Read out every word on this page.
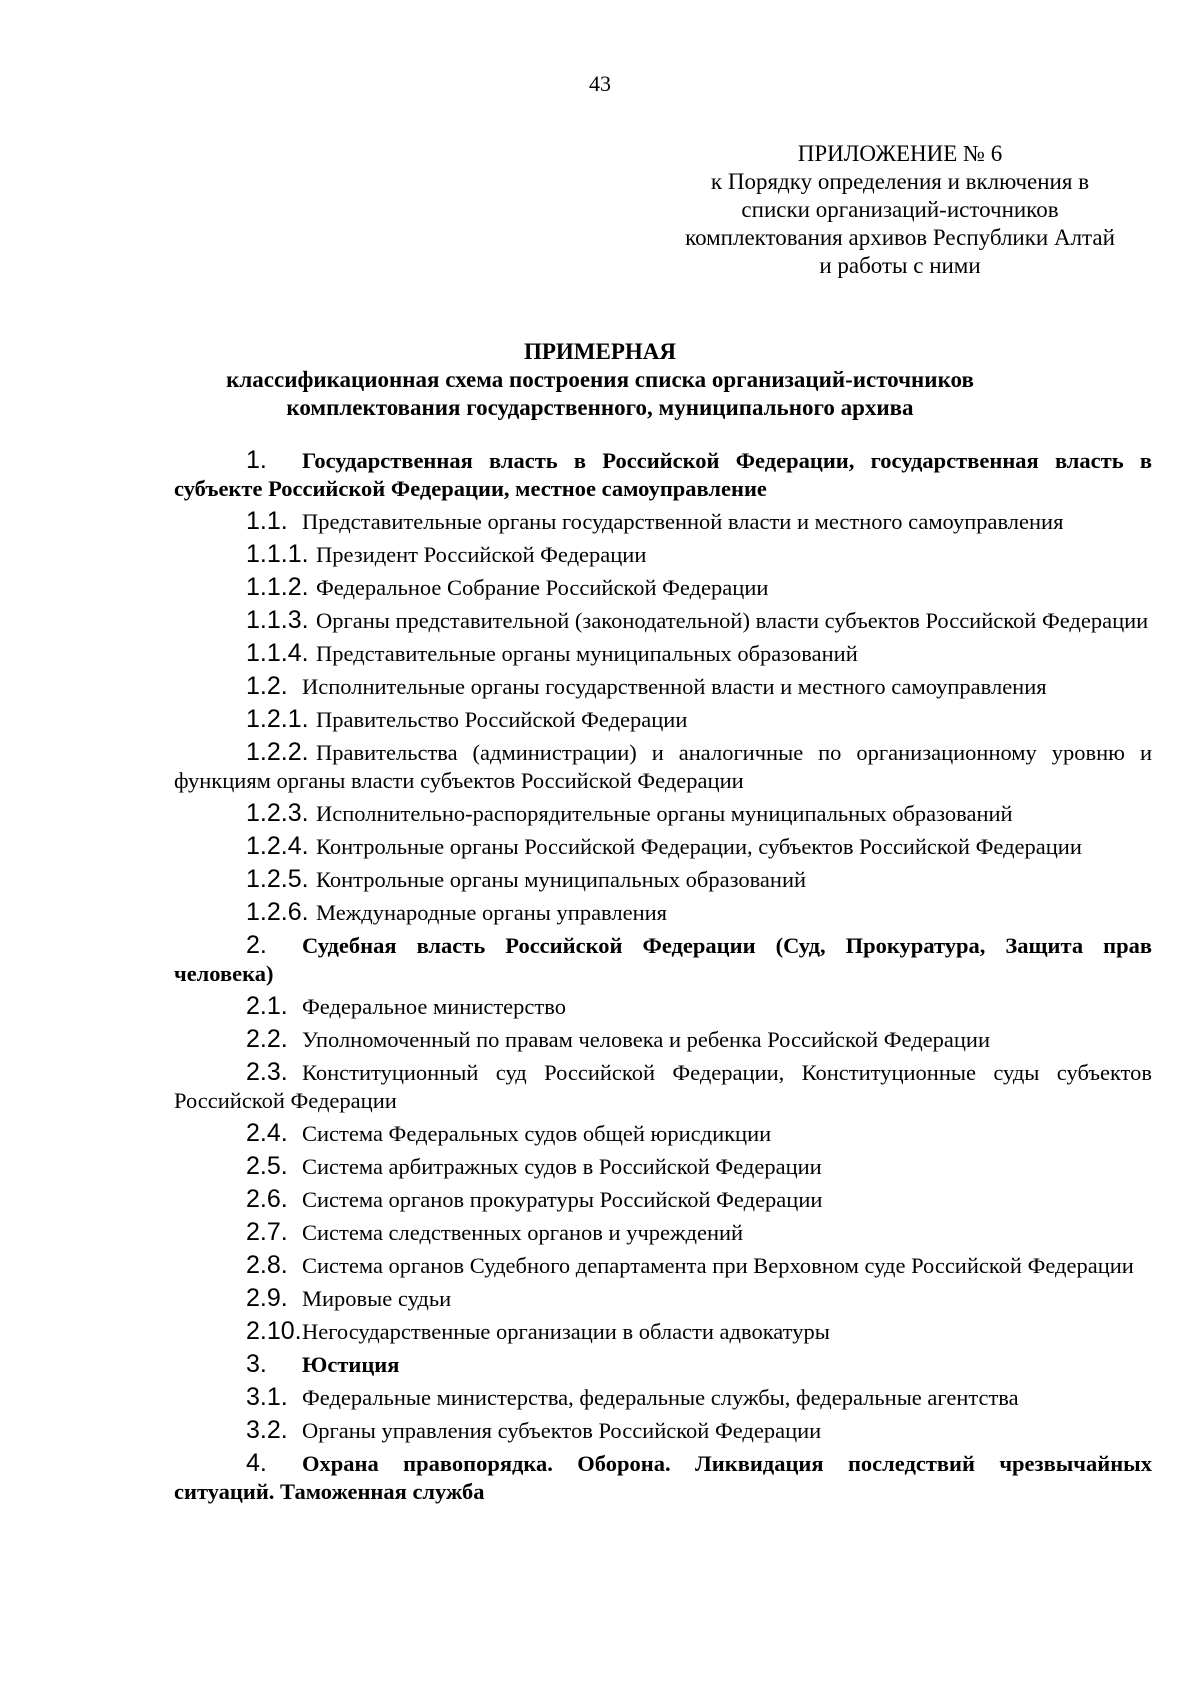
43
ПРИЛОЖЕНИЕ № 6
к Порядку определения и включения в
списки организаций-источников
комплектования архивов Республики Алтай
и работы с ними
ПРИМЕРНАЯ
классификационная схема построения списка организаций-источников
комплектования государственного, муниципального архива
1. Государственная власть в Российской Федерации, государственная власть в субъекте Российской Федерации, местное самоуправление
1.1. Представительные органы государственной власти и местного самоуправления
1.1.1. Президент Российской Федерации
1.1.2. Федеральное Собрание Российской Федерации
1.1.3. Органы представительной (законодательной) власти субъектов Российской Федерации
1.1.4. Представительные органы муниципальных образований
1.2. Исполнительные органы государственной власти и местного самоуправления
1.2.1. Правительство Российской Федерации
1.2.2. Правительства (администрации) и аналогичные по организационному уровню и функциям органы власти субъектов Российской Федерации
1.2.3. Исполнительно-распорядительные органы муниципальных образований
1.2.4. Контрольные органы Российской Федерации, субъектов Российской Федерации
1.2.5. Контрольные органы муниципальных образований
1.2.6. Международные органы управления
2. Судебная власть Российской Федерации (Суд, Прокуратура, Защита прав человека)
2.1. Федеральное министерство
2.2. Уполномоченный по правам человека и ребенка Российской Федерации
2.3. Конституционный суд Российской Федерации, Конституционные суды субъектов Российской Федерации
2.4. Система Федеральных судов общей юрисдикции
2.5. Система арбитражных судов в Российской Федерации
2.6. Система органов прокуратуры Российской Федерации
2.7. Система следственных органов и учреждений
2.8. Система органов Судебного департамента при Верховном суде Российской Федерации
2.9. Мировые судьи
2.10.Негосударственные организации в области адвокатуры
3. Юстиция
3.1. Федеральные министерства, федеральные службы, федеральные агентства
3.2. Органы управления субъектов Российской Федерации
4. Охрана правопорядка. Оборона. Ликвидация последствий чрезвычайных ситуаций. Таможенная служба
